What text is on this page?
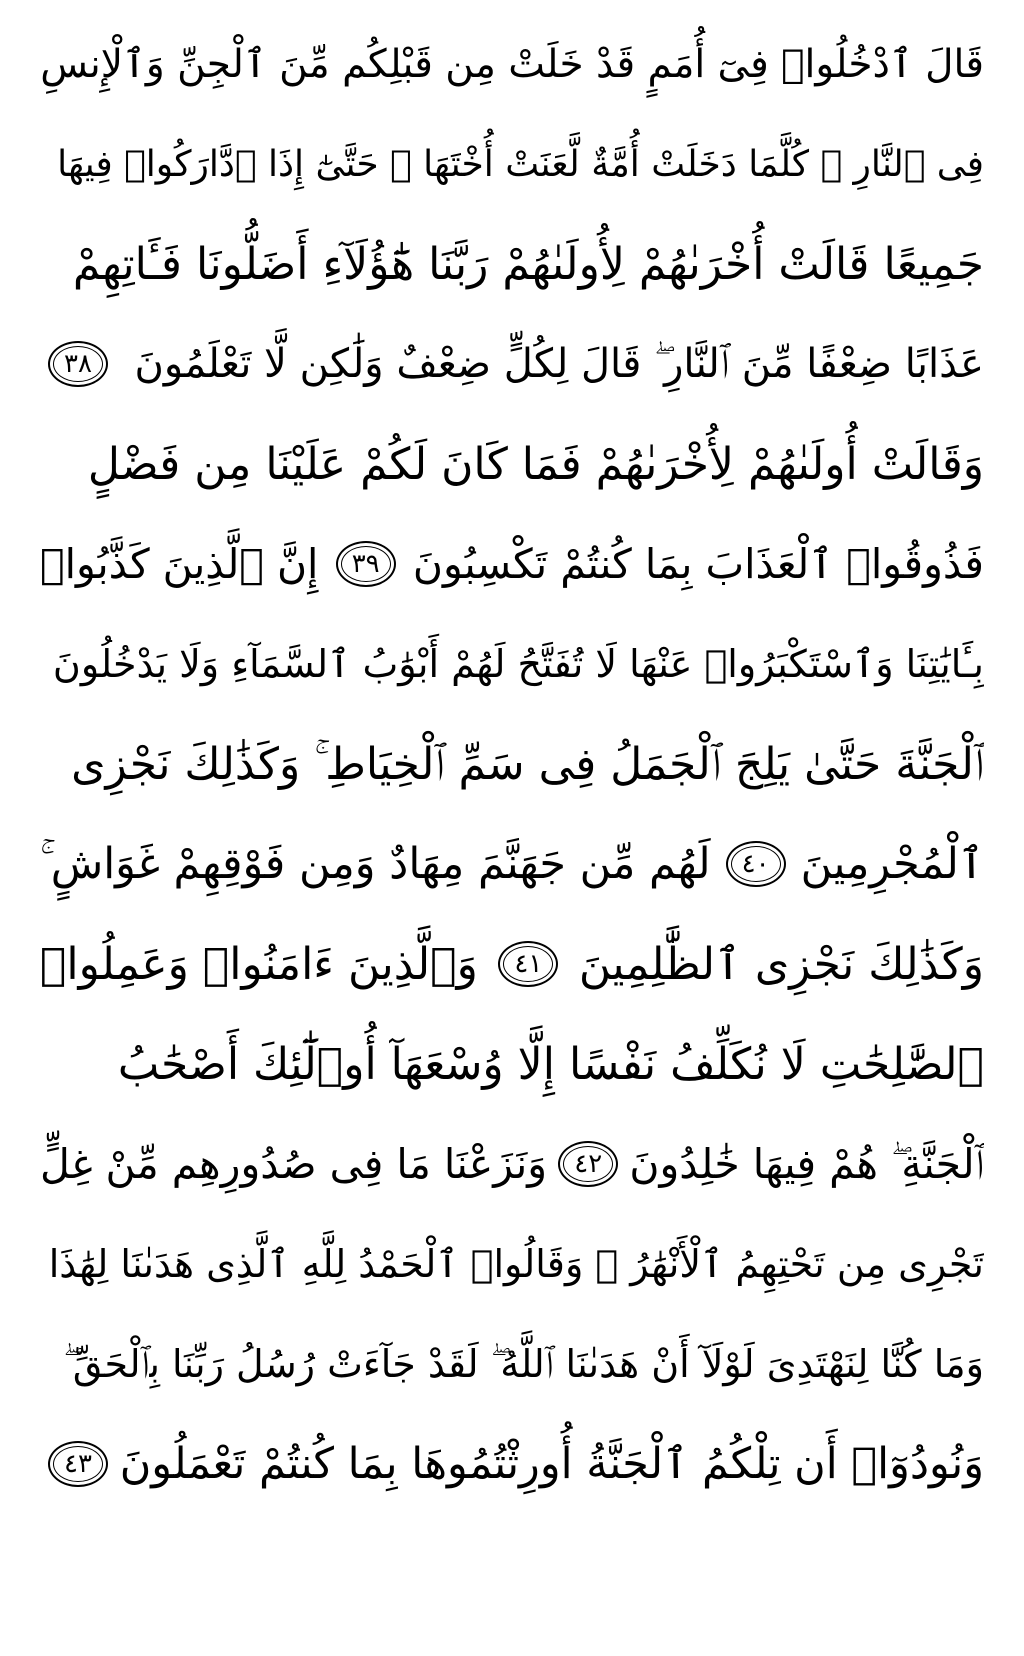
قَالَ ٱدْخُلُوا۟ فِىٓ أُمَمٍ قَدْ خَلَتْ مِن قَبْلِكُم مِّنَ ٱلْجِنِّ وَٱلْإِنسِ
فِى ٱلنَّارِ ۖ كُلَّمَا دَخَلَتْ أُمَّةٌ لَّعَنَتْ أُخْتَهَا ۖ حَتَّىٰٓ إِذَا ٱدَّارَكُوا۟ فِيهَا
جَمِيعًا قَالَتْ أُخْرَىٰهُمْ لِأُولَىٰهُمْ رَبَّنَا هَٰٓؤُلَآءِ أَضَلُّونَا فَـَٔاتِهِمْ
عَذَابًا ضِعْفًا مِّنَ ٱلنَّارِ ۖ قَالَ لِكُلٍّ ضِعْفٌ وَلَٰكِن لَّا تَعْلَمُونَ
٣٨
وَقَالَتْ أُولَىٰهُمْ لِأُخْرَىٰهُمْ فَمَا كَانَ لَكُمْ عَلَيْنَا مِن فَضْلٍ
فَذُوقُوا۟ ٱلْعَذَابَ بِمَا كُنتُمْ تَكْسِبُونَ
٣٩
إِنَّ ٱلَّذِينَ كَذَّبُوا۟
بِـَٔايَٰتِنَا وَٱسْتَكْبَرُوا۟ عَنْهَا لَا تُفَتَّحُ لَهُمْ أَبْوَٰبُ ٱلسَّمَآءِ وَلَا يَدْخُلُونَ
ٱلْجَنَّةَ حَتَّىٰ يَلِجَ ٱلْجَمَلُ فِى سَمِّ ٱلْخِيَاطِ ۚ وَكَذَٰلِكَ نَجْزِى
ٱلْمُجْرِمِينَ
٤٠
لَهُم مِّن جَهَنَّمَ مِهَادٌ وَمِن فَوْقِهِمْ غَوَاشٍ ۚ
وَكَذَٰلِكَ نَجْزِى ٱلظَّٰلِمِينَ
٤١
وَٱلَّذِينَ ءَامَنُوا۟ وَعَمِلُوا۟
ٱلصَّٰلِحَٰتِ لَا نُكَلِّفُ نَفْسًا إِلَّا وُسْعَهَآ أُو۟لَٰٓئِكَ أَصْحَٰبُ
ٱلْجَنَّةِ ۖ هُمْ فِيهَا خَٰلِدُونَ
٤٢
وَنَزَعْنَا مَا فِى صُدُورِهِم مِّنْ غِلٍّ
تَجْرِى مِن تَحْتِهِمُ ٱلْأَنْهَٰرُ ۖ وَقَالُوا۟ ٱلْحَمْدُ لِلَّهِ ٱلَّذِى هَدَىٰنَا لِهَٰذَا
وَمَا كُنَّا لِنَهْتَدِىَ لَوْلَآ أَنْ هَدَىٰنَا ٱللَّهُ ۖ لَقَدْ جَآءَتْ رُسُلُ رَبِّنَا بِٱلْحَقِّ ۖ
وَنُودُوٓا۟ أَن تِلْكُمُ ٱلْجَنَّةُ أُورِثْتُمُوهَا بِمَا كُنتُمْ تَعْمَلُونَ
٤٣
